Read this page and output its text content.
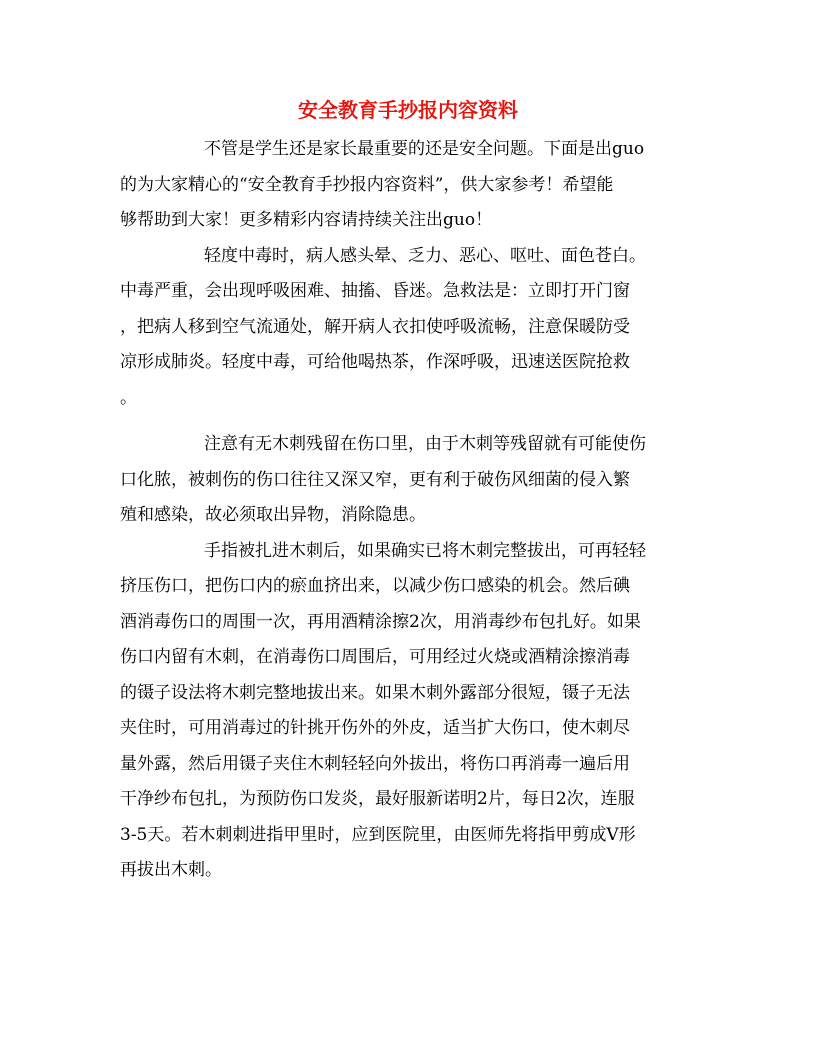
安全教育手抄报内容资料
不管是学生还是家长最重要的还是安全问题。下面是出guo
的为大家精心的“安全教育手抄报内容资料”，供大家参考！希望能
够帮助到大家！更多精彩内容请持续关注出guo！
轻度中毒时，病人感头晕、乏力、恶心、呕吐、面色苍白。
中毒严重，会出现呼吸困难、抽搐、昏迷。急救法是：立即打开门窗
，把病人移到空气流通处，解开病人衣扣使呼吸流畅，注意保暖防受
凉形成肺炎。轻度中毒，可给他喝热茶，作深呼吸，迅速送医院抢救
。
注意有无木刺残留在伤口里，由于木刺等残留就有可能使伤
口化脓，被刺伤的伤口往往又深又窄，更有利于破伤风细菌的侵入繁
殖和感染，故必须取出异物，消除隐患。
手指被扎进木刺后，如果确实已将木刺完整拔出，可再轻轻
挤压伤口，把伤口内的瘀血挤出来，以减少伤口感染的机会。然后碘
酒消毒伤口的周围一次，再用酒精涂擦2次，用消毒纱布包扎好。如果
伤口内留有木刺，在消毒伤口周围后，可用经过火烧或酒精涂擦消毒
的镊子设法将木刺完整地拔出来。如果木刺外露部分很短，镊子无法
夹住时，可用消毒过的针挑开伤外的外皮，适当扩大伤口，使木刺尽
量外露，然后用镊子夹住木刺轻轻向外拔出，将伤口再消毒一遍后用
干净纱布包扎，为预防伤口发炎，最好服新诺明2片，每日2次，连服
3-5天。若木刺刺进指甲里时，应到医院里，由医师先将指甲剪成V形
再拔出木刺。
